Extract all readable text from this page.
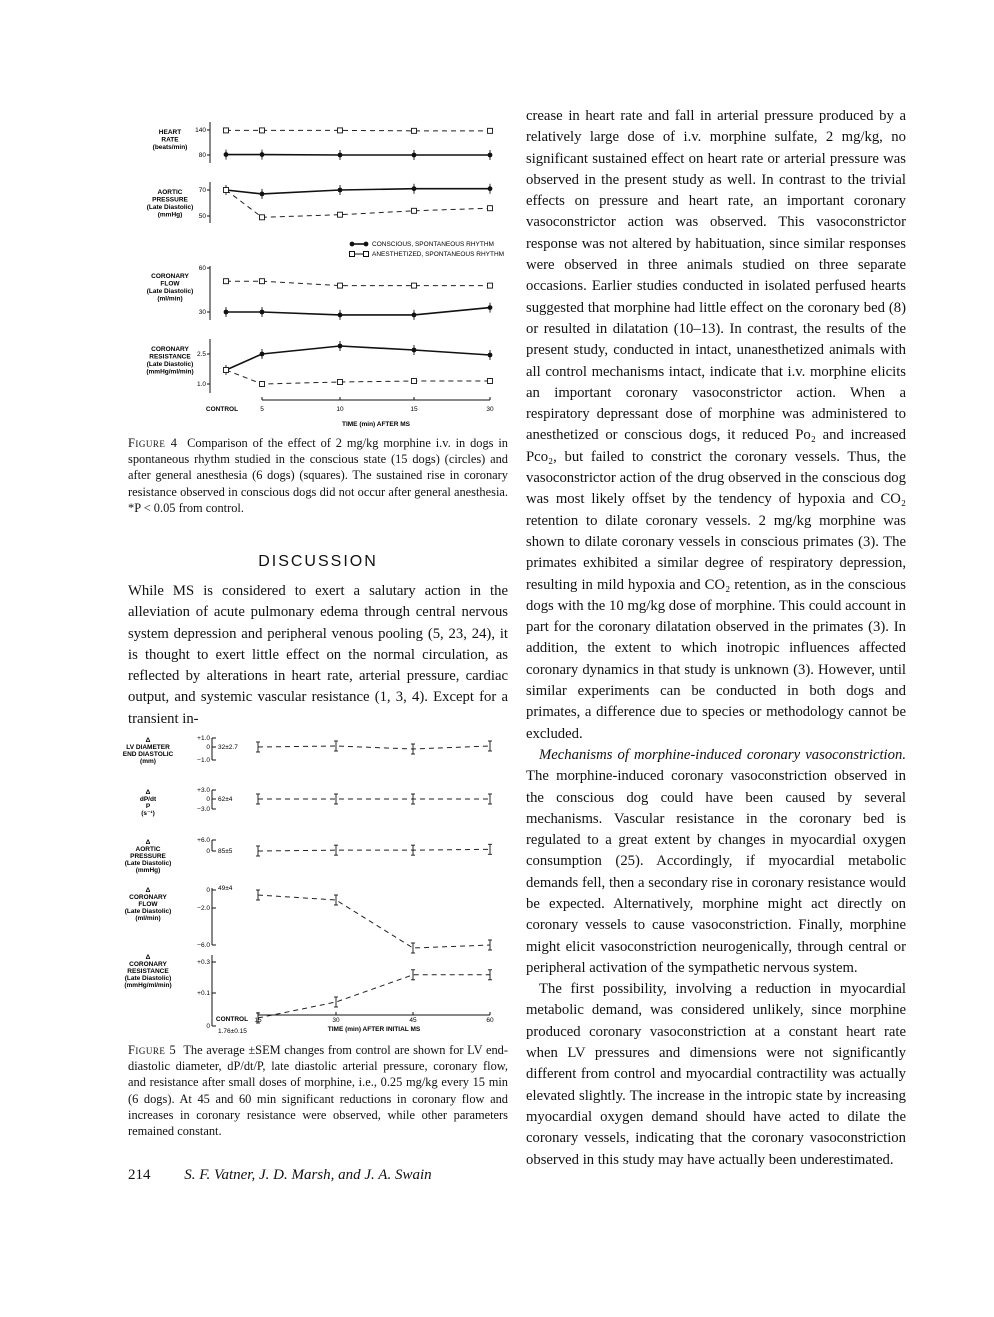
HEART
RATE
(beats/min)
140
80
AORTIC
PRESSURE
(Late Diastolic)
(mmHg)
70
50
CORONARY
FLOW
(Late Diastolic)
(ml/min)
60
30
CORONARY
RESISTANCE
(Late Diastolic)
(mmHg/ml/min)
2.5
1.0
CONSCIOUS, SPONTANEOUS RHYTHM
ANESTHETIZED, SPONTANEOUS RHYTHM
CONTROL	5	10	15	30
TIME (min) AFTER MS

Figure 4 Comparison of the effect of 2 mg/kg morphine i.v. in dogs in spontaneous rhythm studied in the conscious state (15 dogs) (circles) and after general anesthesia (6 dogs) (squares). The sustained rise in coronary resistance observed in conscious dogs did not occur after general anesthesia. *P < 0.05 from control.

DISCUSSION

While MS is considered to exert a salutary action in the alleviation of acute pulmonary edema through central nervous system depression and peripheral venous pooling (5, 23, 24), it is thought to exert little effect on the normal circulation, as reflected by alterations in heart rate, arterial pressure, cardiac output, and systemic vascular resistance (1, 3, 4). Except for a transient in-

Δ
LV DIAMETER
END DIASTOLIC
(mm)
+1.0
0
−1.0
32±2.7
Δ
dP/dt
P
(s⁻¹)
+3.0
0
−3.0
62±4
Δ
AORTIC
PRESSURE
(Late Diastolic)
(mmHg)
+6.0
0 85±5
Δ
CORONARY
FLOW
(Late Diastolic)
(ml/min)
0
−2.0
−6.0
49±4
Δ
CORONARY
RESISTANCE
(Late Diastolic)
(mmHg/ml/min)
+0.3
+0.1
0
1.76±0.15
CONTROL 15	30	45	60
TIME (min) AFTER INITIAL MS

Figure 5 The average ±SEM changes from control are shown for LV end-diastolic diameter, dP/dt/P, late diastolic arterial pressure, coronary flow, and resistance after small doses of morphine, i.e., 0.25 mg/kg every 15 min (6 dogs). At 45 and 60 min significant reductions in coronary flow and increases in coronary resistance were observed, while other parameters remained constant.

crease in heart rate and fall in arterial pressure produced by a relatively large dose of i.v. morphine sulfate, 2 mg/kg, no significant sustained effect on heart rate or arterial pressure was observed in the present study as well. In contrast to the trivial effects on pressure and heart rate, an important coronary vasoconstrictor action was observed. This vasoconstrictor response was not altered by habituation, since similar responses were observed in three animals studied on three separate occasions. Earlier studies conducted in isolated perfused hearts suggested that morphine had little effect on the coronary bed (8) or resulted in dilatation (10–13). In contrast, the results of the present study, conducted in intact, unanesthetized animals with all control mechanisms intact, indicate that i.v. morphine elicits an important coronary vasoconstrictor action. When a respiratory depressant dose of morphine was administered to anesthetized or conscious dogs, it reduced Po₂ and increased Pco₂, but failed to constrict the coronary vessels. Thus, the vasoconstrictor action of the drug observed in the conscious dog was most likely offset by the tendency of hypoxia and CO₂ retention to dilate coronary vessels. 2 mg/kg morphine was shown to dilate coronary vessels in conscious primates (3). The primates exhibited a similar degree of respiratory depression, resulting in mild hypoxia and CO₂ retention, as in the conscious dogs with the 10 mg/kg dose of morphine. This could account in part for the coronary dilatation observed in the primates (3). In addition, the extent to which inotropic influences affected coronary dynamics in that study is unknown (3). However, until similar experiments can be conducted in both dogs and primates, a difference due to species or methodology cannot be excluded.

Mechanisms of morphine-induced coronary vasoconstriction. The morphine-induced coronary vasoconstriction observed in the conscious dog could have been caused by several mechanisms. Vascular resistance in the coronary bed is regulated to a great extent by changes in myocardial oxygen consumption (25). Accordingly, if myocardial metabolic demands fell, then a secondary rise in coronary resistance would be expected. Alternatively, morphine might act directly on coronary vessels to cause vasoconstriction. Finally, morphine might elicit vasoconstriction neurogenically, through central or peripheral activation of the sympathetic nervous system.

The first possibility, involving a reduction in myocardial metabolic demand, was considered unlikely, since morphine produced coronary vasoconstriction at a constant heart rate when LV pressures and dimensions were not significantly different from control and myocardial contractility was actually elevated slightly. The increase in the intropic state by increasing myocardial oxygen demand should have acted to dilate the coronary vessels, indicating that the coronary vasoconstriction observed in this study may have actually been underestimated.

214 S. F. Vatner, J. D. Marsh, and J. A. Swain
